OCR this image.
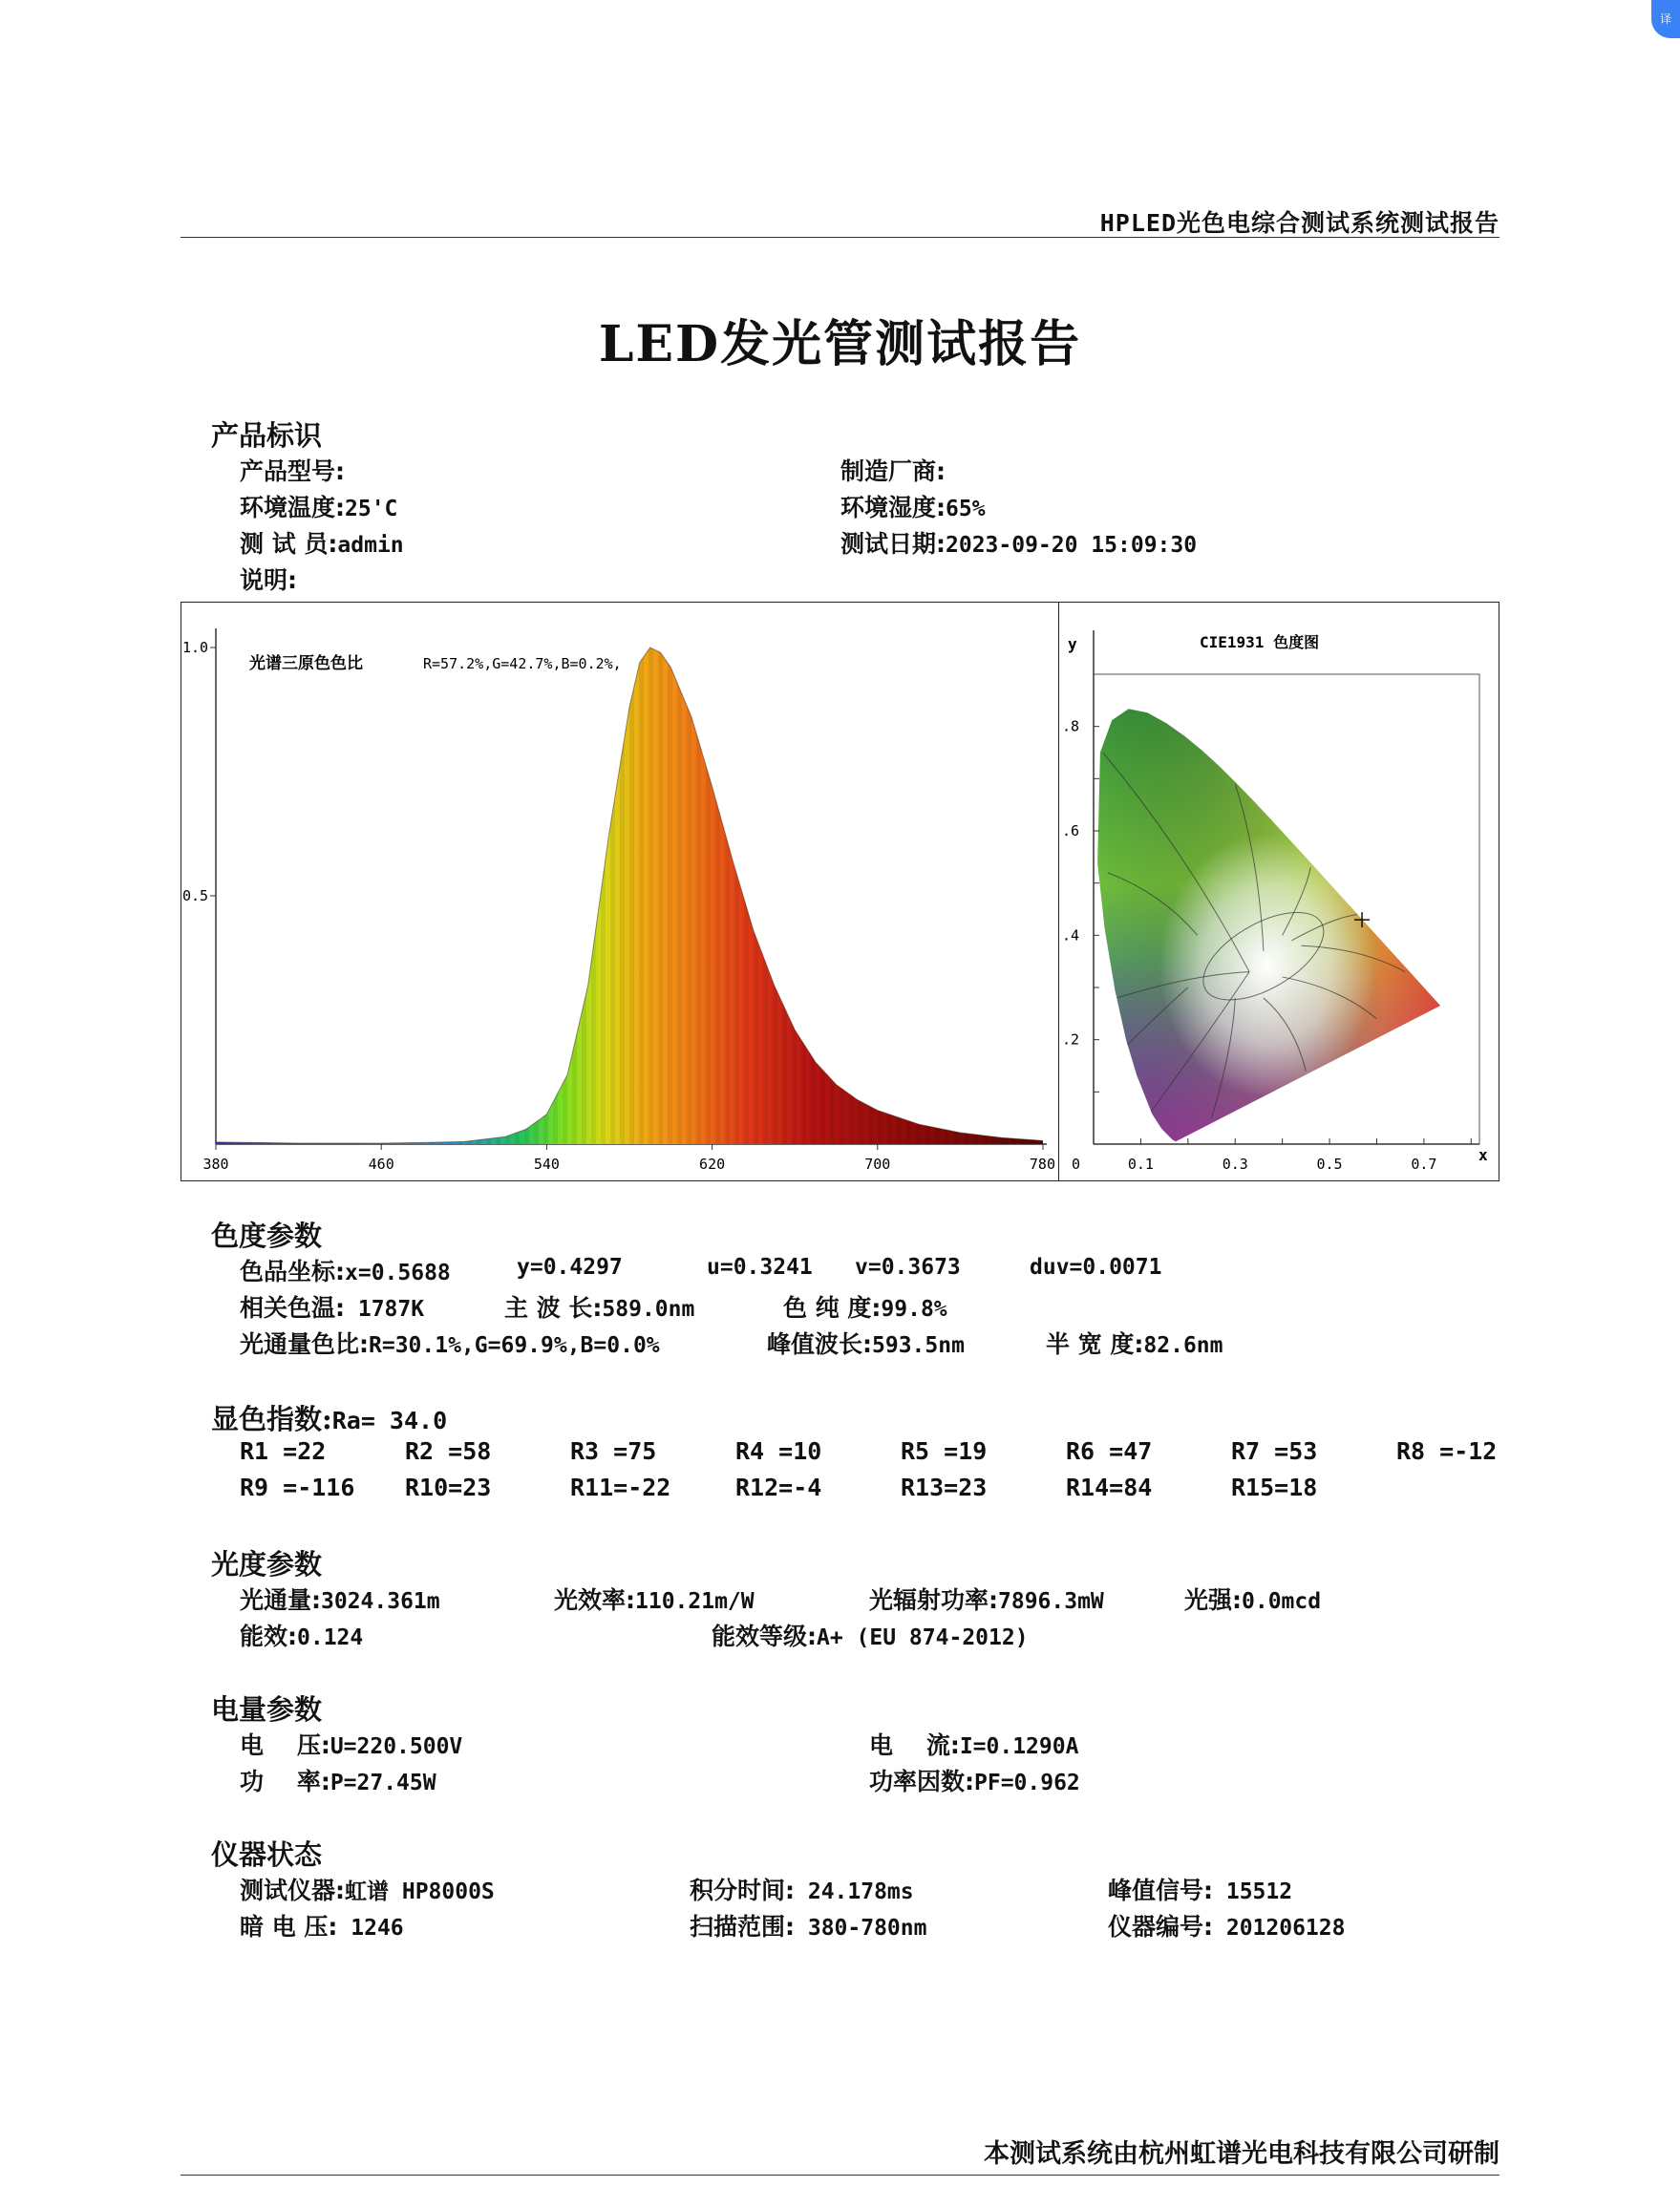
译
HPLED光色电综合测试系统测试报告
LED发光管测试报告
产品标识
产品型号:	制造厂商:
环境温度:25'C	环境湿度:65%
测 试 员:admin	测试日期:2023-09-20 15:09:30
说明:
1.0
0.5
380	460	540	620	700	780
光谱三原色色比	R=57.2%,G=42.7%,B=0.2%,
.8
.6
.4
.2
0	0.1	0.3	0.5	0.7
y
x
CIE1931 色度图
色度参数
色品坐标:x=0.5688	y=0.4297	u=0.3241 v=0.3673	duv=0.0071
相关色温: 1787K	主 波 长:589.0nm	色 纯 度:99.8%
光通量色比:R=30.1%,G=69.9%,B=0.0%	峰值波长:593.5nm	半 宽 度:82.6nm
显色指数:Ra= 34.0
R1 =22	R2 =58	R3 =75	R4 =10	R5 =19	R6 =47	R7 =53	R8 =-12
R9 =-116 R10=23	R11=-22	R12=-4	R13=23	R14=84	R15=18
光度参数
光通量:3024.361m	光效率:110.21m/W	光辐射功率:7896.3mW	光强:0.0mcd
能效:0.124	能效等级:A+ (EU 874-2012)
电量参数
电    压:U=220.500V	电    流:I=0.1290A
功    率:P=27.45W	功率因数:PF=0.962
仪器状态
测试仪器:虹谱 HP8000S	积分时间: 24.178ms	峰值信号: 15512
暗 电 压: 1246	扫描范围: 380-780nm	仪器编号: 201206128
本测试系统由杭州虹谱光电科技有限公司研制
